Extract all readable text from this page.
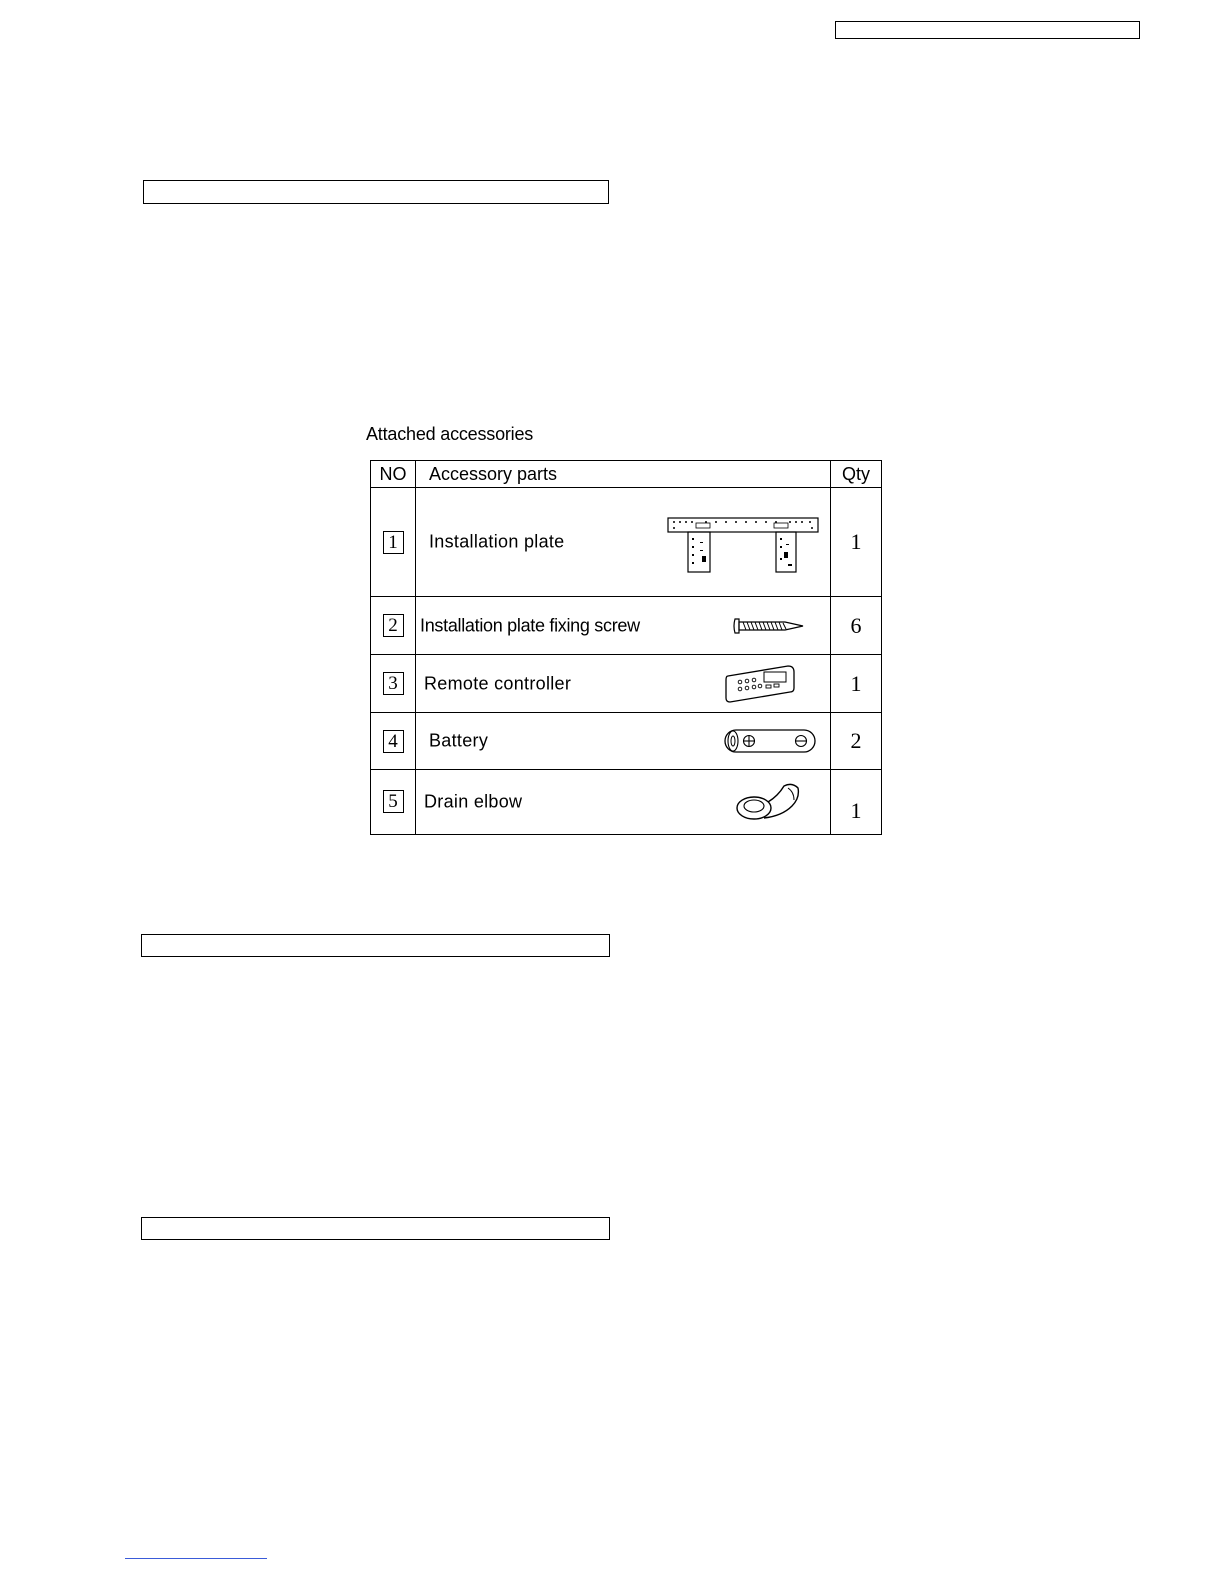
Attached accessories
NO	Accessory parts	Qty
1	Installation plate	1
2	Installation plate fixing screw	6
3	Remote controller	1
4	Battery	2
5	Drain elbow	1
